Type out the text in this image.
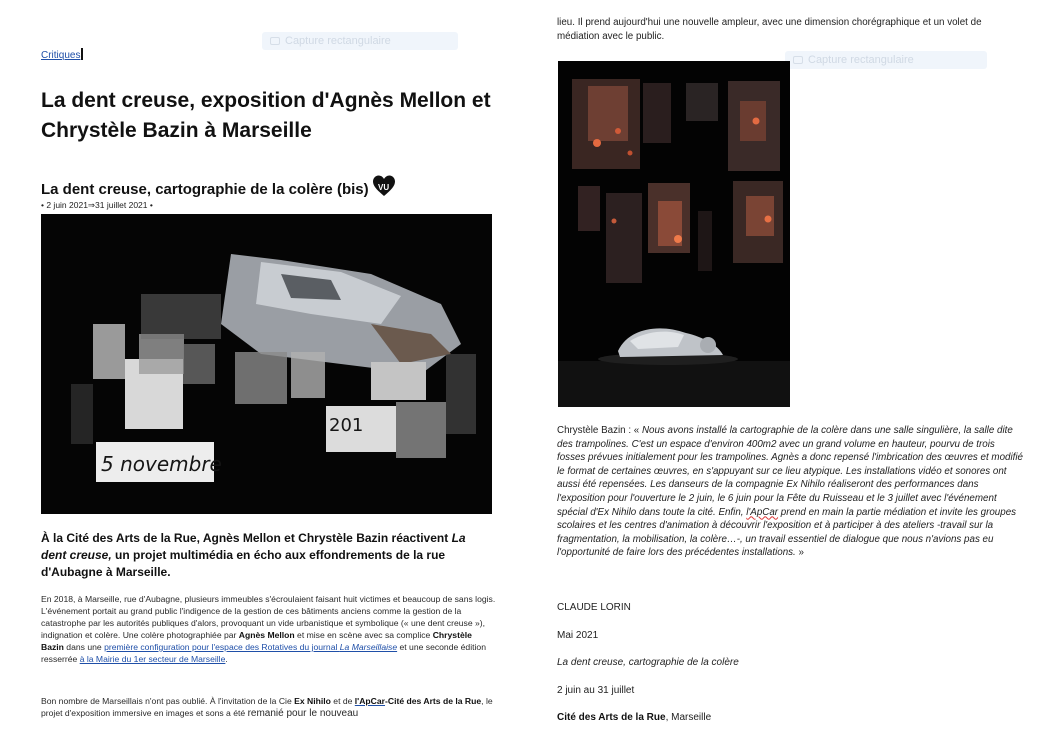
Capture rectangulaire
Capture rectangulaire
Critiques
La dent creuse, exposition d'Agnès Mellon et Chrystèle Bazin à Marseille
La dent creuse, cartographie de la colère (bis)	VU
• 2 juin 2021⇒31 juillet 2021 •
5 novembre
201

À la Cité des Arts de la Rue, Agnès Mellon et Chrystèle Bazin réactivent La dent creuse, un projet multimédia en écho aux effondrements de la rue d'Aubagne à Marseille.

En 2018, à Marseille, rue d'Aubagne, plusieurs immeubles s'écroulaient faisant huit victimes et beaucoup de sans logis. L'événement portait au grand public l'indigence de la gestion de ces bâtiments anciens comme la gestion de la catastrophe par les autorités publiques d'alors, provoquant un vide urbanistique et symbolique (« une dent creuse »), indignation et colère. Une colère photographiée par Agnès Mellon et mise en scène avec sa complice Chrystèle Bazin dans une première configuration pour l'espace des Rotatives du journal La Marseillaise et une seconde édition resserrée à la Mairie du 1er secteur de Marseille.

Bon nombre de Marseillais n'ont pas oublié. À l'invitation de la Cie Ex Nihilo et de l'ApCar-Cité des Arts de la Rue, le projet d'exposition immersive en images et sons a été remanié pour le nouveau

lieu. Il prend aujourd'hui une nouvelle ampleur, avec une dimension chorégraphique et un volet de médiation avec le public.

Chrystèle Bazin : « Nous avons installé la cartographie de la colère dans une salle singulière, la salle dite des trampolines. C'est un espace d'environ 400m2 avec un grand volume en hauteur, pourvu de trois fosses prévues initialement pour les trampolines. Agnès a donc repensé l'imbrication des œuvres et modifié le format de certaines œuvres, en s'appuyant sur ce lieu atypique. Les installations vidéo et sonores ont aussi été repensées. Les danseurs de la compagnie Ex Nihilo réaliseront des performances dans l'exposition pour l'ouverture le 2 juin, le 6 juin pour la Fête du Ruisseau et le 3 juillet avec l'événement spécial d'Ex Nihilo dans toute la cité. Enfin, l'ApCar prend en main la partie médiation et invite les groupes scolaires et les centres d'animation à découvrir l'exposition et à participer à des ateliers -travail sur la fragmentation, la mobilisation, la colère…-, un travail essentiel de dialogue que nous n'avions pas eu l'opportunité de faire lors des précédentes installations. »

CLAUDE LORIN
Mai 2021
La dent creuse, cartographie de la colère
2 juin au 31 juillet
Cité des Arts de la Rue, Marseille
